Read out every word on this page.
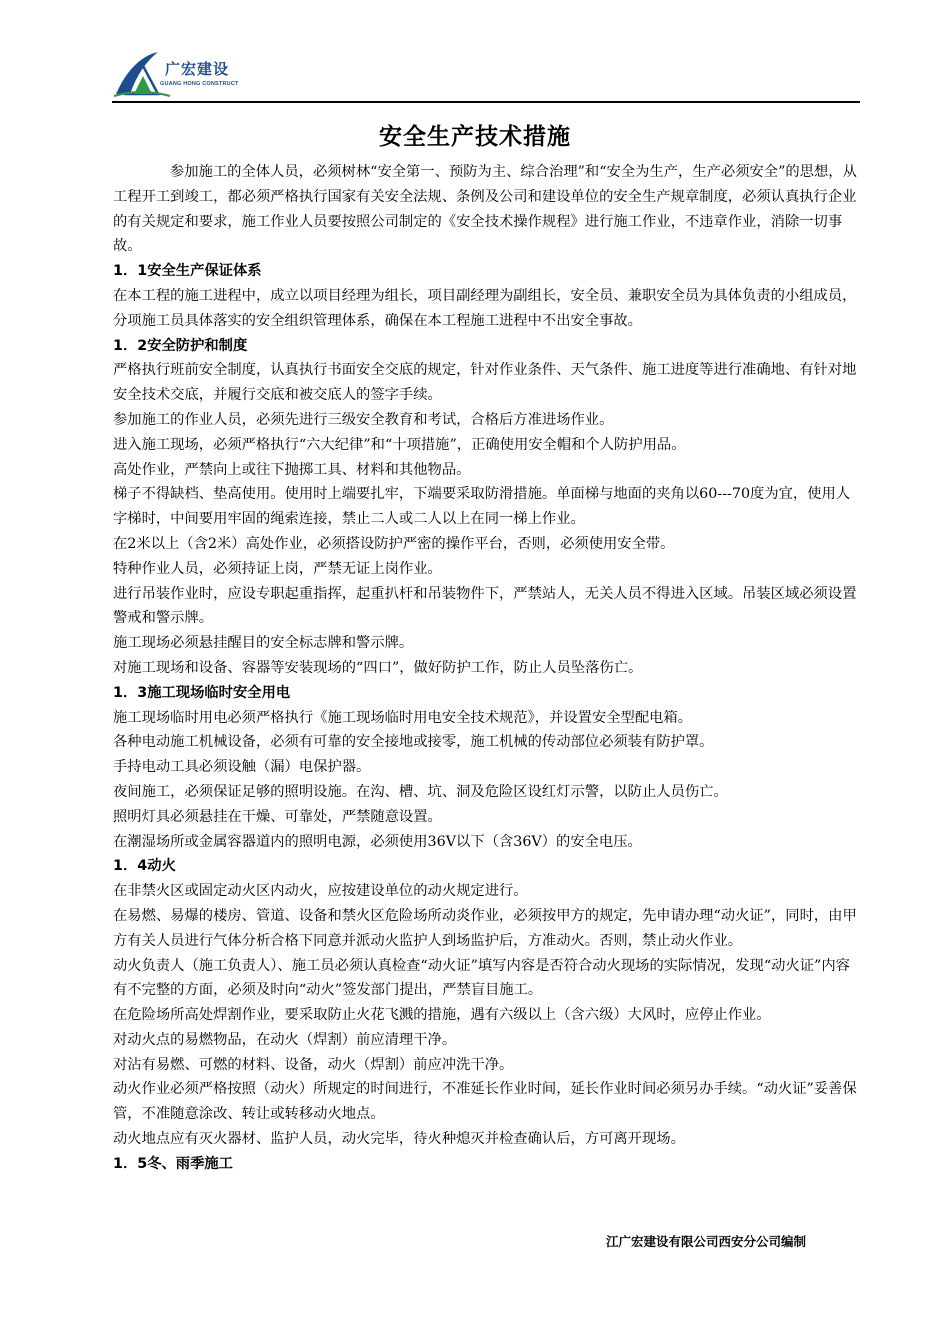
广宏建设
GUANG HONG CONSTRUCT
安全生产技术措施

参加施工的全体人员，必须树林“安全第一、预防为主、综合治理”和“安全为生产，生产必须安全”的思想，从工程开工到竣工，都必须严格执行国家有关安全法规、条例及公司和建设单位的安全生产规章制度，必须认真执行企业的有关规定和要求，施工作业人员要按照公司制定的《安全技术操作规程》进行施工作业，不违章作业，消除一切事故。

1．1安全生产保证体系

在本工程的施工进程中，成立以项目经理为组长，项目副经理为副组长，安全员、兼职安全员为具体负责的小组成员，分项施工员具体落实的安全组织管理体系，确保在本工程施工进程中不出安全事故。

1．2安全防护和制度

严格执行班前安全制度，认真执行书面安全交底的规定，针对作业条件、天气条件、施工进度等进行准确地、有针对地安全技术交底，并履行交底和被交底人的签字手续。

参加施工的作业人员，必须先进行三级安全教育和考试，合格后方准进场作业。

进入施工现场，必须严格执行“六大纪律”和“十项措施”，正确使用安全帽和个人防护用品。

高处作业，严禁向上或往下抛掷工具、材料和其他物品。

梯子不得缺档、垫高使用。使用时上端要扎牢，下端要采取防滑措施。单面梯与地面的夹角以60---70度为宜，使用人字梯时，中间要用牢固的绳索连接，禁止二人或二人以上在同一梯上作业。

在2米以上（含2米）高处作业，必须搭设防护严密的操作平台，否则，必须使用安全带。

特种作业人员，必须持证上岗，严禁无证上岗作业。

进行吊装作业时，应设专职起重指挥，起重扒杆和吊装物件下，严禁站人，无关人员不得进入区域。吊装区域必须设置警戒和警示牌。

施工现场必须悬挂醒目的安全标志牌和警示牌。

对施工现场和设备、容器等安装现场的“四口”，做好防护工作，防止人员坠落伤亡。

1．3施工现场临时安全用电

施工现场临时用电必须严格执行《施工现场临时用电安全技术规范》，并设置安全型配电箱。

各种电动施工机械设备，必须有可靠的安全接地或接零，施工机械的传动部位必须装有防护罩。

手持电动工具必须设触（漏）电保护器。

夜间施工，必须保证足够的照明设施。在沟、槽、坑、洞及危险区设红灯示警，以防止人员伤亡。

照明灯具必须悬挂在干燥、可靠处，严禁随意设置。

在潮湿场所或金属容器道内的照明电源，必须使用36V以下（含36V）的安全电压。

1．4动火

在非禁火区或固定动火区内动火，应按建设单位的动火规定进行。

在易燃、易爆的楼房、管道、设备和禁火区危险场所动炎作业，必须按甲方的规定，先申请办理“动火证”，同时，由甲方有关人员进行气体分析合格下同意并派动火监护人到场监护后，方准动火。否则，禁止动火作业。

动火负责人（施工负责人）、施工员必须认真检查“动火证”填写内容是否符合动火现场的实际情况，发现“动火证”内容有不完整的方面，必须及时向“动火”签发部门提出，严禁盲目施工。

在危险场所高处焊割作业，要采取防止火花飞溅的措施，遇有六级以上（含六级）大风时，应停止作业。

对动火点的易燃物品，在动火（焊割）前应清理干净。

对沾有易燃、可燃的材料、设备，动火（焊割）前应冲洗干净。

动火作业必须严格按照（动火）所规定的时间进行，不准延长作业时间，延长作业时间必须另办手续。“动火证”妥善保管，不准随意涂改、转让或转移动火地点。

动火地点应有灭火器材、监护人员，动火完毕，待火种熄灭并检查确认后，方可离开现场。

1．5冬、雨季施工
江广宏建设有限公司西安分公司编制
